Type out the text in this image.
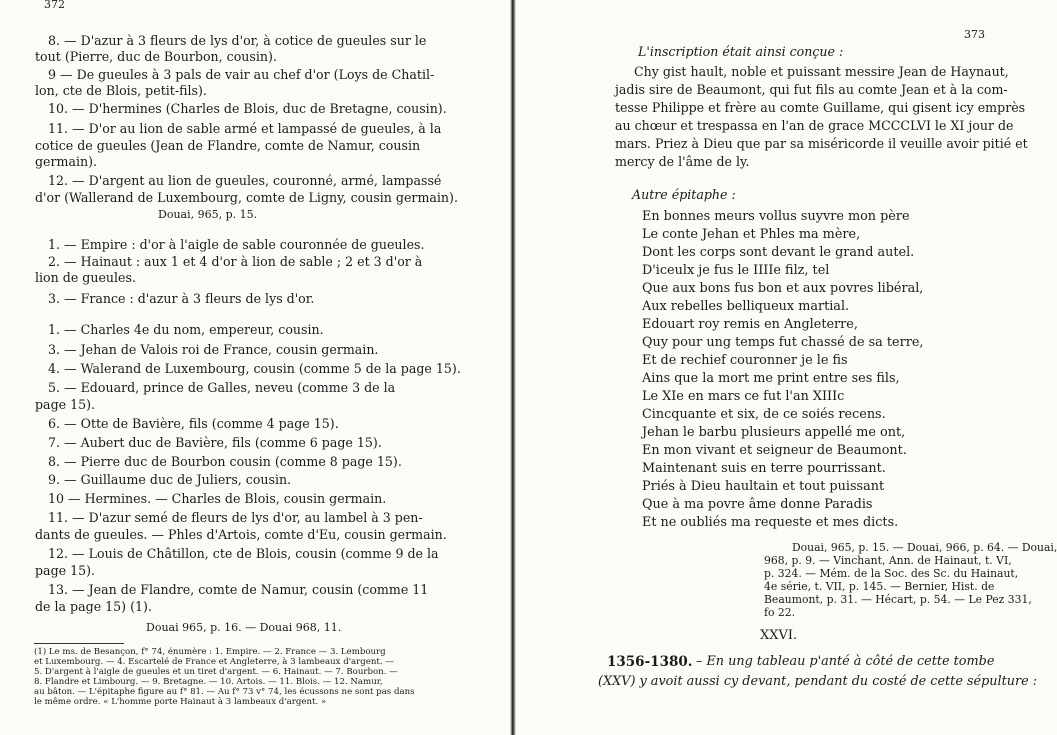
372
8. — D'azur à 3 fleurs de lys d'or, à cotice de gueules sur le
tout (Pierre, duc de Bourbon, cousin).
9 — De gueules à 3 pals de vair au chef d'or (Loys de Chatil-
lon, cte de Blois, petit-fils).
10. — D'hermines (Charles de Blois, duc de Bretagne, cousin).
11. — D'or au lion de sable armé et lampassé de gueules, à la
cotice de gueules (Jean de Flandre, comte de Namur, cousin
germain).
12. — D'argent au lion de gueules, couronné, armé, lampassé
d'or (Wallerand de Luxembourg, comte de Ligny, cousin germain).
Douai, 965, p. 15.
1. — Empire : d'or à l'aigle de sable couronnée de gueules.
2. — Hainaut : aux 1 et 4 d'or à lion de sable ; 2 et 3 d'or à
lion de gueules.
3. — France : d'azur à 3 fleurs de lys d'or.
1. — Charles 4e du nom, empereur, cousin.
3. — Jehan de Valois roi de France, cousin germain.
4. — Walerand de Luxembourg, cousin (comme 5 de la page 15).
5. — Edouard, prince de Galles, neveu (comme 3 de la
page 15).
6. — Otte de Bavière, fils (comme 4 page 15).
7. — Aubert duc de Bavière, fils (comme 6 page 15).
8. — Pierre duc de Bourbon cousin (comme 8 page 15).
9. — Guillaume duc de Juliers, cousin.
10 — Hermines. — Charles de Blois, cousin germain.
11. — D'azur semé de fleurs de lys d'or, au lambel à 3 pen-
dants de gueules. — Phles d'Artois, comte d'Eu, cousin germain.
12. — Louis de Châtillon, cte de Blois, cousin (comme 9 de la
page 15).
13. — Jean de Flandre, comte de Namur, cousin (comme 11
de la page 15) (1).
Douai 965, p. 16. — Douai 968, 11.
(1) Le ms. de Besançon, f° 74, énumère : 1. Empire. — 2. France — 3. Lembourg
et Luxembourg. — 4. Escartelé de France et Angleterre, à 3 lambeaux d'argent. —
5. D'argent à l'aigle de gueules et un tiret d'argent. — 6. Hainaut. — 7. Bourbon. —
8. Flandre et Limbourg. — 9. Bretagne. — 10. Artois. — 11. Blois. — 12. Namur,
au bâton. — L'épitaphe figure au f° 81. — Au f° 73 v° 74, les écussons ne sont pas dans
le même ordre. « L'homme porte Hainaut à 3 lambeaux d'argent. »
373
L'inscription était ainsi conçue :
Chy gist hault, noble et puissant messire Jean de Haynaut,
jadis sire de Beaumont, qui fut fils au comte Jean et à la com-
tesse Philippe et frère au comte Guillame, qui gisent icy emprès
au chœur et trespassa en l'an de grace MCCCLVI le XI jour de
mars. Priez à Dieu que par sa miséricorde il veuille avoir pitié et
mercy de l'âme de ly.
Autre épitaphe :
En bonnes meurs vollus suyvre mon père
Le conte Jehan et Phles ma mère,
Dont les corps sont devant le grand autel.
D'iceulx je fus le IIIIe filz, tel
Que aux bons fus bon et aux povres libéral,
Aux rebelles belliqueux martial.
Edouart roy remis en Angleterre,
Quy pour ung temps fut chassé de sa terre,
Et de rechief couronner je le fis
Ains que la mort me print entre ses fils,
Le XIe en mars ce fut l'an XIIIc
Cincquante et six, de ce soiés recens.
Jehan le barbu plusieurs appellé me ont,
En mon vivant et seigneur de Beaumont.
Maintenant suis en terre pourrissant.
Priés à Dieu haultain et tout puissant
Que à ma povre âme donne Paradis
Et ne oubliés ma requeste et mes dicts.
Douai, 965, p. 15. — Douai, 966, p. 64. — Douai,
968, p. 9. — Vinchant, Ann. de Hainaut, t. VI,
p. 324. — Mém. de la Soc. des Sc. du Hainaut,
4e série, t. VII, p. 145. — Bernier, Hist. de
Beaumont, p. 31. — Hécart, p. 54. — Le Pez 331,
fo 22.
XXVI.
1356-1380. – En ung tableau p'anté à côté de cette tombe
(XXV) y avoit aussi cy devant, pendant du costé de cette sépulture :
